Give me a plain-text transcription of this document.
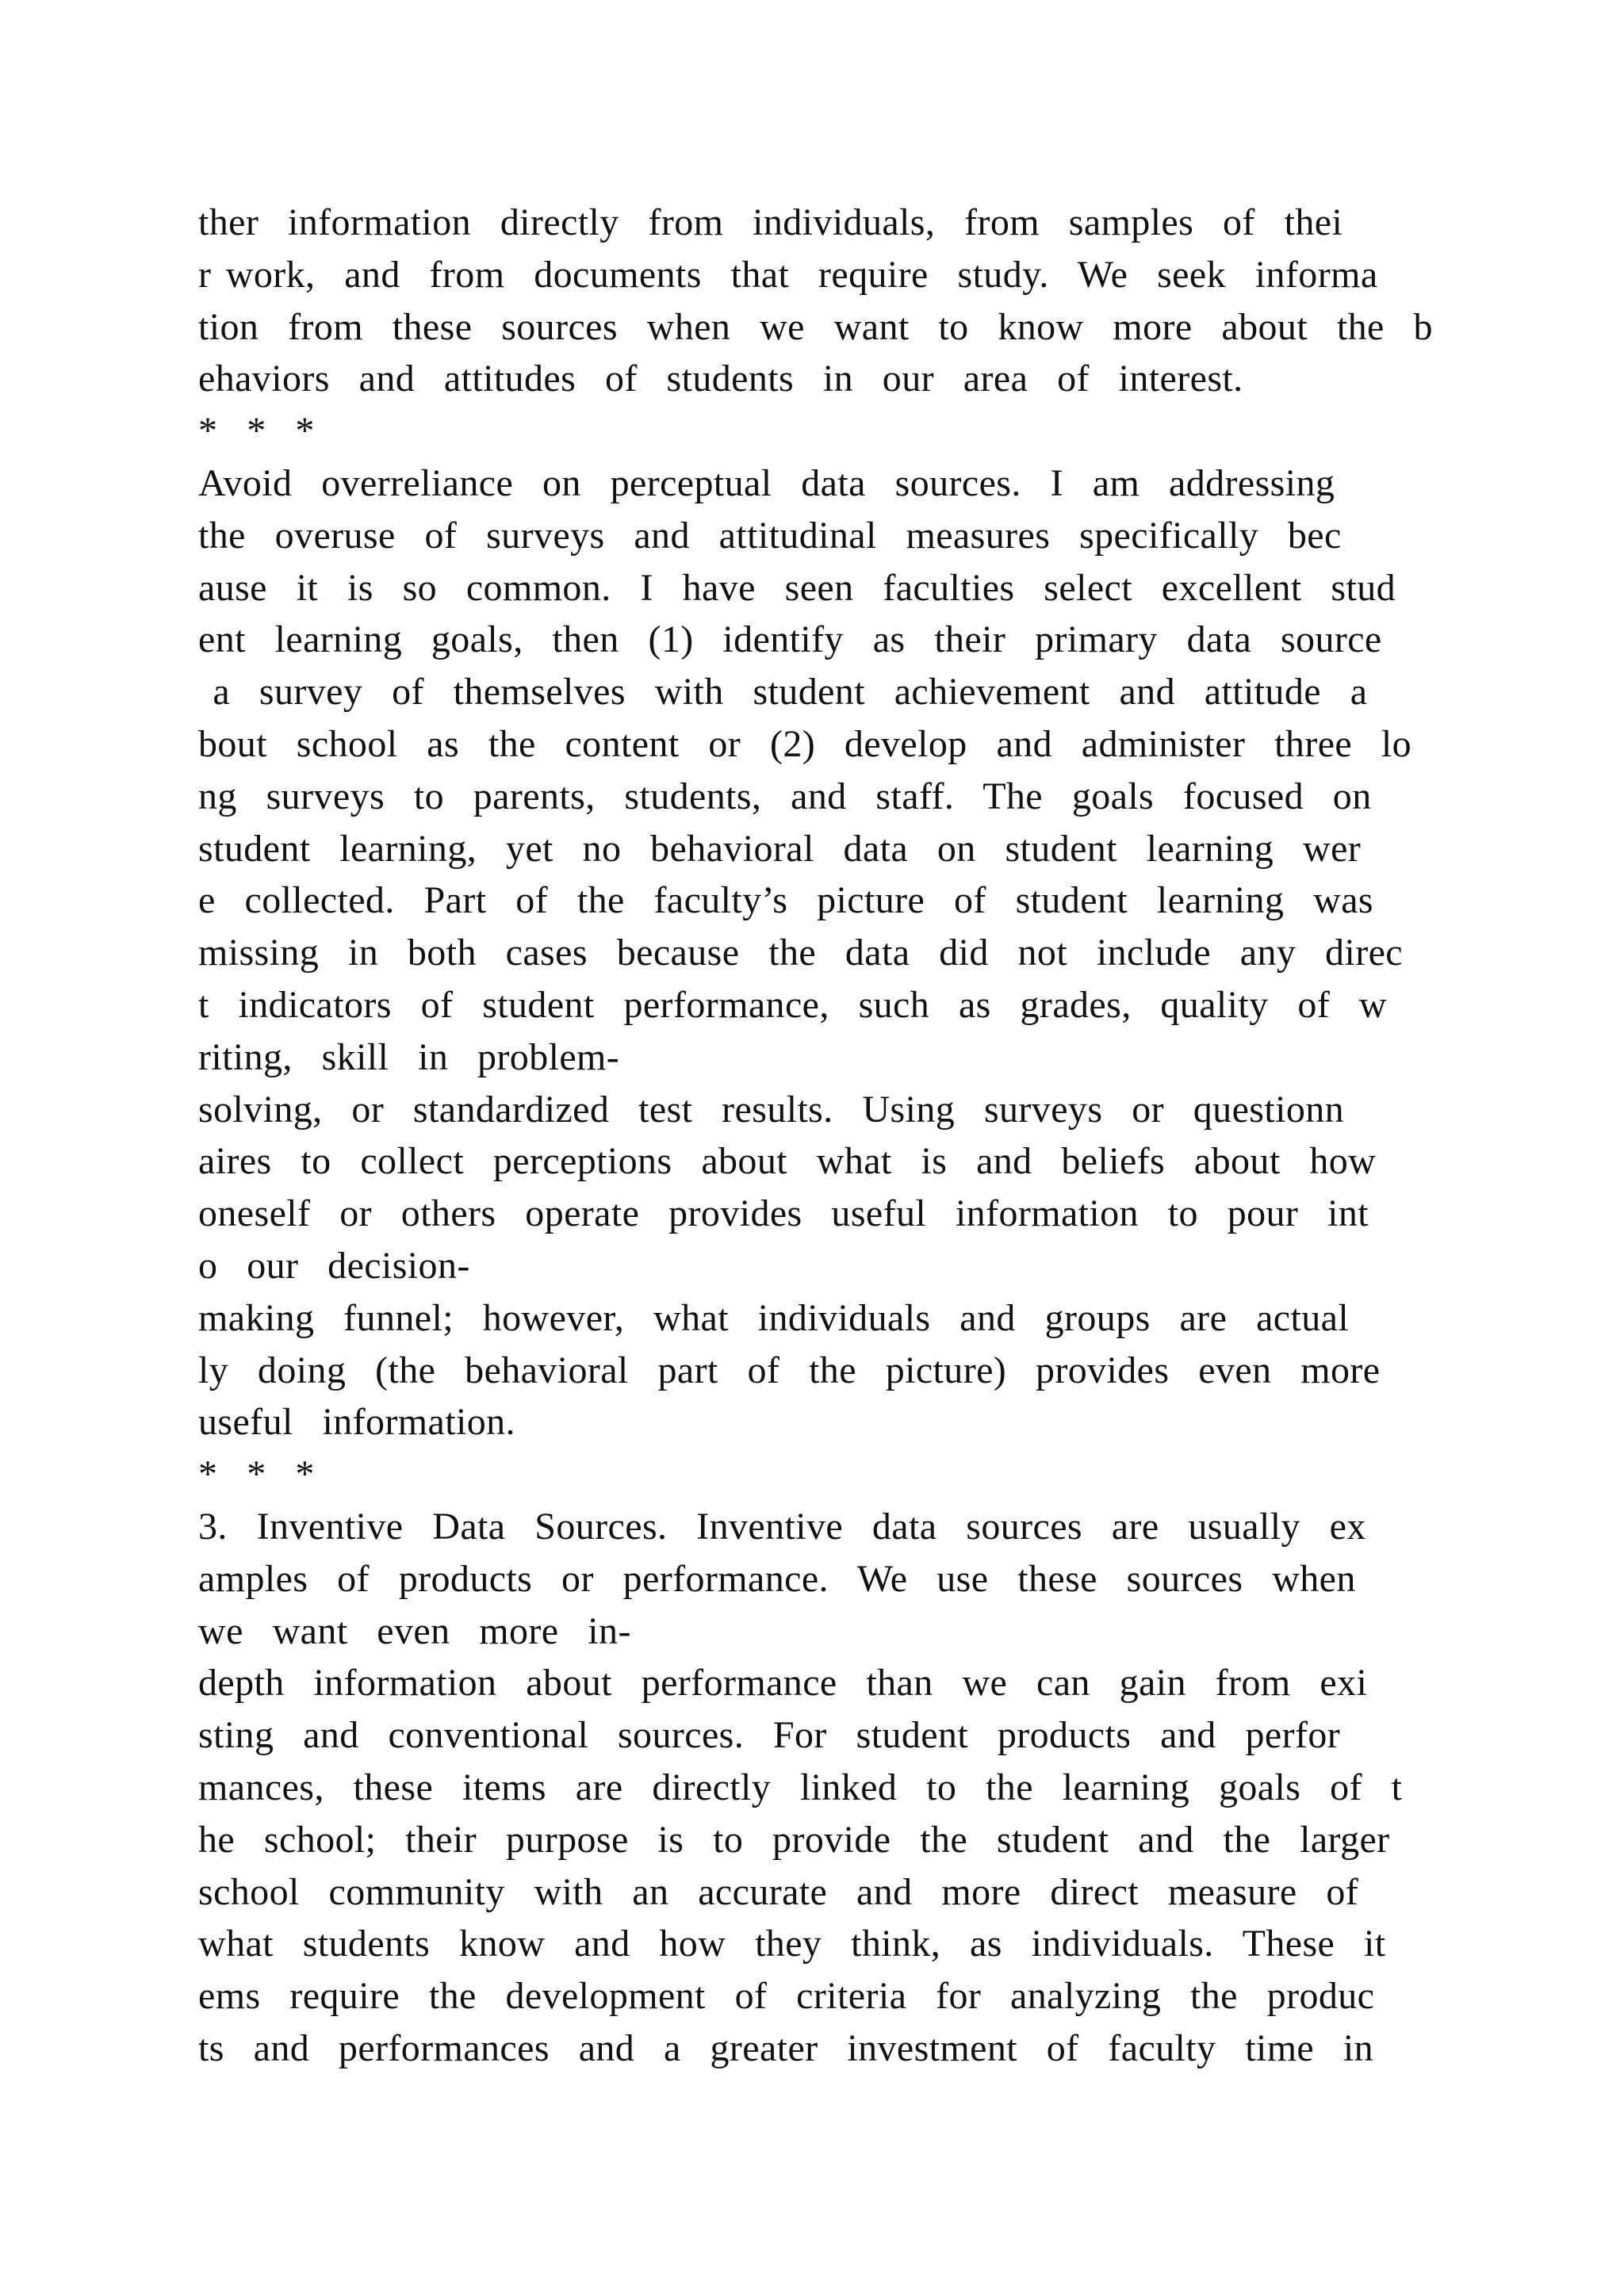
ther  information  directly  from  individuals,  from  samples  of  thei
r work,  and  from  documents  that  require  study.  We  seek  informa
tion  from  these  sources  when  we  want  to  know  more  about  the  b
ehaviors  and  attitudes  of  students  in  our  area  of  interest.
*  *  *
Avoid  overreliance  on  perceptual  data  sources.  I  am  addressing
the  overuse  of  surveys  and  attitudinal  measures  specifically  bec
ause  it  is  so  common.  I  have  seen  faculties  select  excellent  stud
ent  learning  goals,  then  (1)  identify  as  their  primary  data  source
a  survey  of  themselves  with  student  achievement  and  attitude  a
bout  school  as  the  content  or  (2)  develop  and  administer  three  lo
ng  surveys  to  parents,  students,  and  staff.  The  goals  focused  on
student  learning,  yet  no  behavioral  data  on  student  learning  wer
e  collected.  Part  of  the  faculty’s  picture  of  student  learning  was
missing  in  both  cases  because  the  data  did  not  include  any  direc
t  indicators  of  student  performance,  such  as  grades,  quality  of  w
riting,  skill  in  problem-
solving,  or  standardized  test  results.  Using  surveys  or  questionn
aires  to  collect  perceptions  about  what  is  and  beliefs  about  how
oneself  or  others  operate  provides  useful  information  to  pour  int
o  our  decision-
making  funnel;  however,  what  individuals  and  groups  are  actual
ly  doing  (the  behavioral  part  of  the  picture)  provides  even  more
useful  information.
*  *  *
3.  Inventive  Data  Sources.  Inventive  data  sources  are  usually  ex
amples  of  products  or  performance.  We  use  these  sources  when
we  want  even  more  in-
depth  information  about  performance  than  we  can  gain  from  exi
sting  and  conventional  sources.  For  student  products  and  perfor
mances,  these  items  are  directly  linked  to  the  learning  goals  of  t
he  school;  their  purpose  is  to  provide  the  student  and  the  larger
school  community  with  an  accurate  and  more  direct  measure  of
what  students  know  and  how  they  think,  as  individuals.  These  it
ems  require  the  development  of  criteria  for  analyzing  the  produc
ts  and  performances  and  a  greater  investment  of  faculty  time  in
